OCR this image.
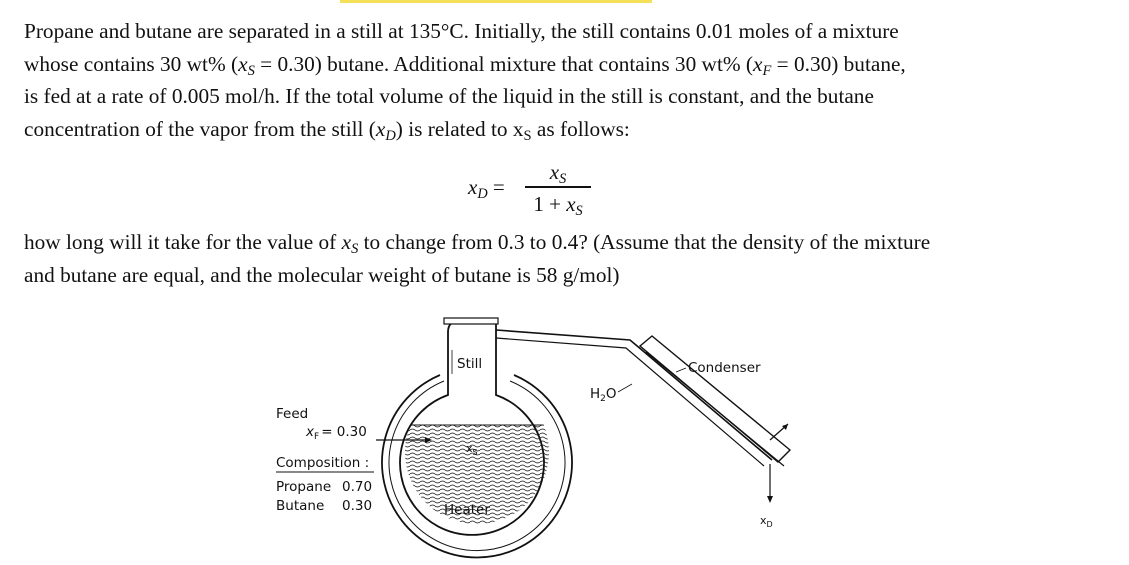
Propane and butane are separated in a still at 135°C. Initially, the still contains 0.01 moles of a mixture
whose contains 30 wt% $(x_S = 0.30)$ butane. Additional mixture that contains 30 wt% $(x_F = 0.30)$ butane,
is fed at a rate of 0.005 mol/h. If the total volume of the liquid in the still is constant, and the butane
concentration of the vapor from the still $(x_D)$ is related to $x_S$ as follows:
$x_D$ =
$x_S$
$1 + x_S$
how long will it take for the value of $x_S$ to change from 0.3 to 0.4? (Assume that the density of the mixture
and butane are equal, and the molecular weight of butane is 58 g/mol)
Still
$x_S$
Condenser
$H_2O$
$x_D$
Feed
$x_F = 0.30$
Composition :
Propane 0.70
Butane 0.30	Heater
